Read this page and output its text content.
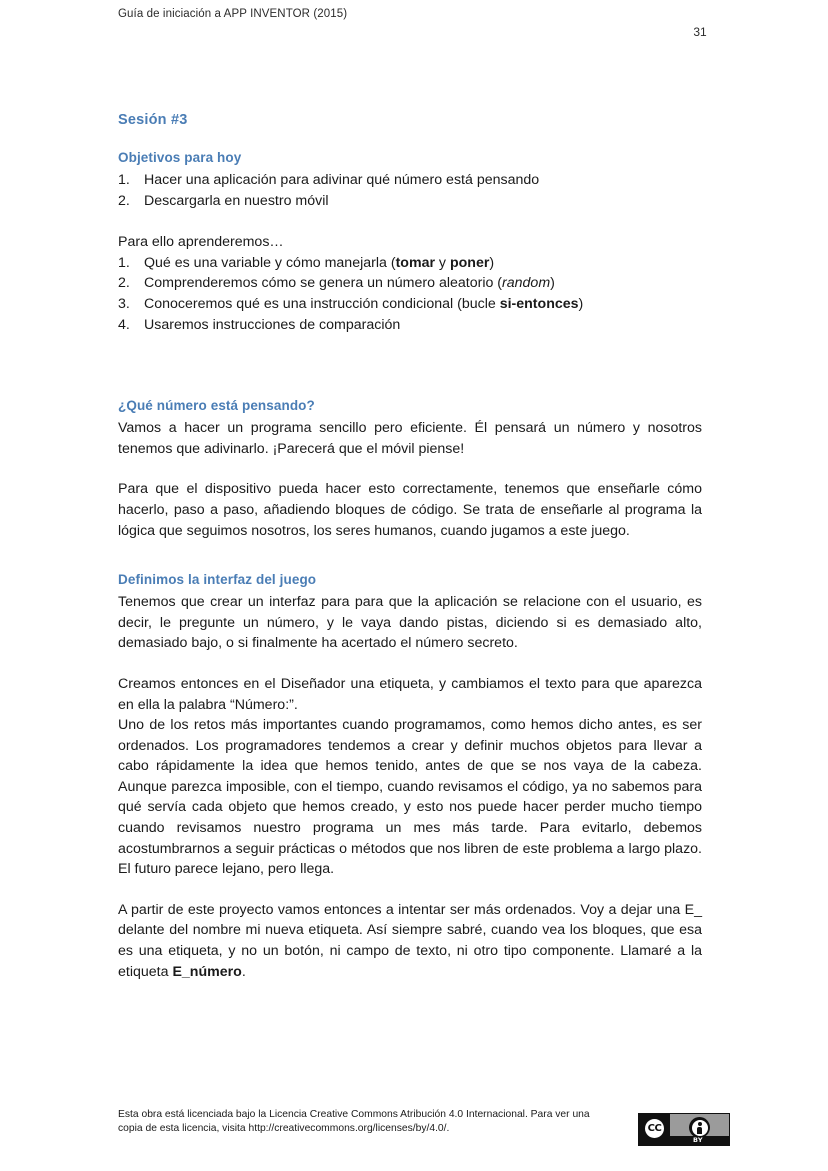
Guía de iniciación a APP INVENTOR (2015)
31
Sesión #3
Objetivos para hoy
Hacer una aplicación para adivinar qué número está pensando
Descargarla en nuestro móvil

Para ello aprenderemos…

Qué es una variable y cómo manejarla (tomar y poner)
Comprenderemos cómo se genera un número aleatorio (random)
Conoceremos qué es una instrucción condicional (bucle si-entonces)
Usaremos instrucciones de comparación
¿Qué número está pensando?

Vamos a hacer un programa sencillo pero eficiente. Él pensará un número y nosotros tenemos que adivinarlo. ¡Parecerá que el móvil piense!

Para que el dispositivo pueda hacer esto correctamente, tenemos que enseñarle cómo hacerlo, paso a paso, añadiendo bloques de código. Se trata de enseñarle al programa la lógica que seguimos nosotros, los seres humanos, cuando jugamos a este juego.

Definimos la interfaz del juego

Tenemos que crear un interfaz para para que la aplicación se relacione con el usuario, es decir, le pregunte un número, y le vaya dando pistas, diciendo si es demasiado alto, demasiado bajo, o si finalmente ha acertado el número secreto.

Creamos entonces en el Diseñador una etiqueta, y cambiamos el texto para que aparezca en ella la palabra “Número:”.

Uno de los retos más importantes cuando programamos, como hemos dicho antes, es ser ordenados. Los programadores tendemos a crear y definir muchos objetos para llevar a cabo rápidamente la idea que hemos tenido, antes de que se nos vaya de la cabeza. Aunque parezca imposible, con el tiempo, cuando revisamos el código, ya no sabemos para qué servía cada objeto que hemos creado, y esto nos puede hacer perder mucho tiempo cuando revisamos nuestro programa un mes más tarde. Para evitarlo, debemos acostumbrarnos a seguir prácticas o métodos que nos libren de este problema a largo plazo. El futuro parece lejano, pero llega.

A partir de este proyecto vamos entonces a intentar ser más ordenados. Voy a dejar una E_ delante del nombre mi nueva etiqueta. Así siempre sabré, cuando vea los bloques, que esa es una etiqueta, y no un botón, ni campo de texto, ni otro tipo componente. Llamaré a la etiqueta E_número.

Esta obra está licenciada bajo la Licencia Creative Commons Atribución 4.0 Internacional. Para ver una
copia de esta licencia, visita http://creativecommons.org/licenses/by/4.0/.	CC
BY
